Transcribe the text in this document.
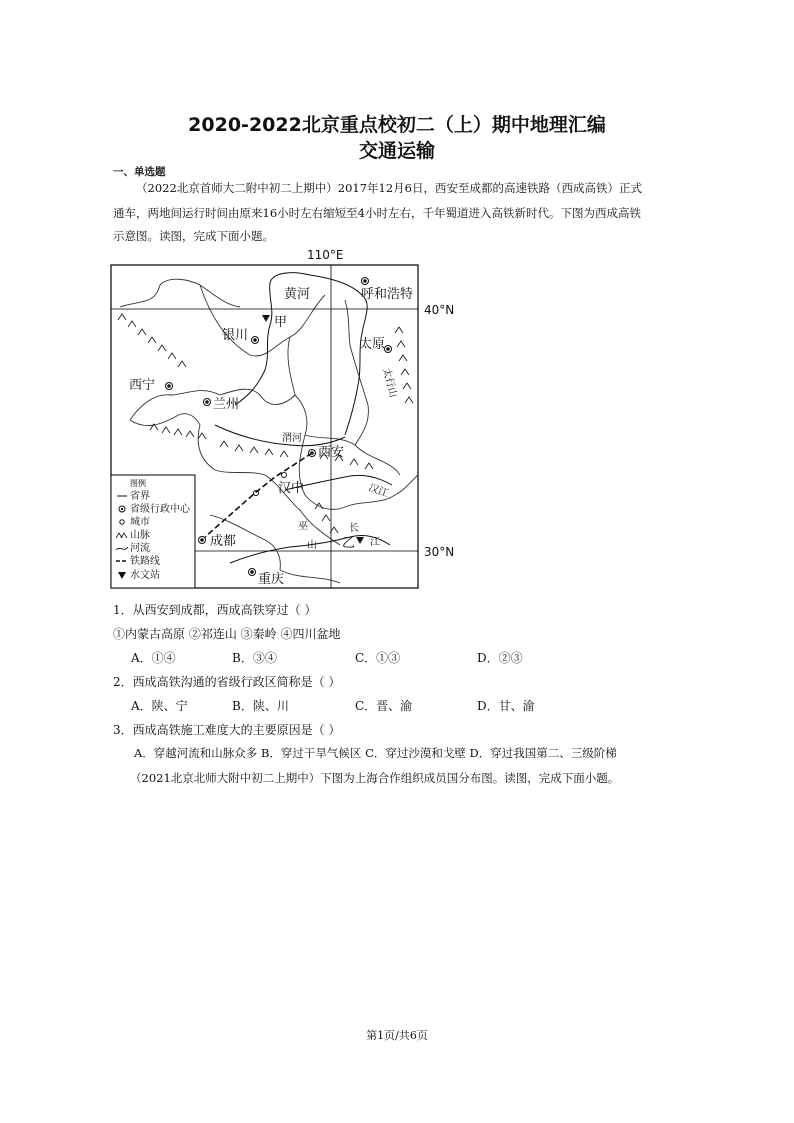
2020-2022北京重点校初二（上）期中地理汇编
交通运输
一、单选题
（2022北京首师大二附中初二上期中）2017年12月6日，西安至成都的高速铁路（西成高铁）正式
通车，两地间运行时间由原来16小时左右缩短至4小时左右，千年蜀道进入高铁新时代。下图为西成高铁
示意图。读图，完成下面小题。
110°E
40°N
30°N
黄河	呼和浩特
甲
银川
太原
西宁
兰州
西安
汉中
成都	乙
重庆
渭河
汉江
巫
山
长
江
太行山
图例
省界
省级行政中心
城市
山脉
河流
铁路线
水文站
1．从西安到成都，西成高铁穿过（ ）
①内蒙古高原 ②祁连山 ③秦岭 ④四川盆地
A．①④	B．③④	C．①③	D．②③
2．西成高铁沟通的省级行政区简称是（ ）
A．陕、宁	B．陕、川	C．晋、渝	D．甘、渝
3．西成高铁施工难度大的主要原因是（ ）
A．穿越河流和山脉众多 B．穿过干旱气候区 C．穿过沙漠和戈壁 D．穿过我国第二、三级阶梯
（2021北京北师大附中初二上期中）下图为上海合作组织成员国分布图。读图，完成下面小题。
第1页/共6页
